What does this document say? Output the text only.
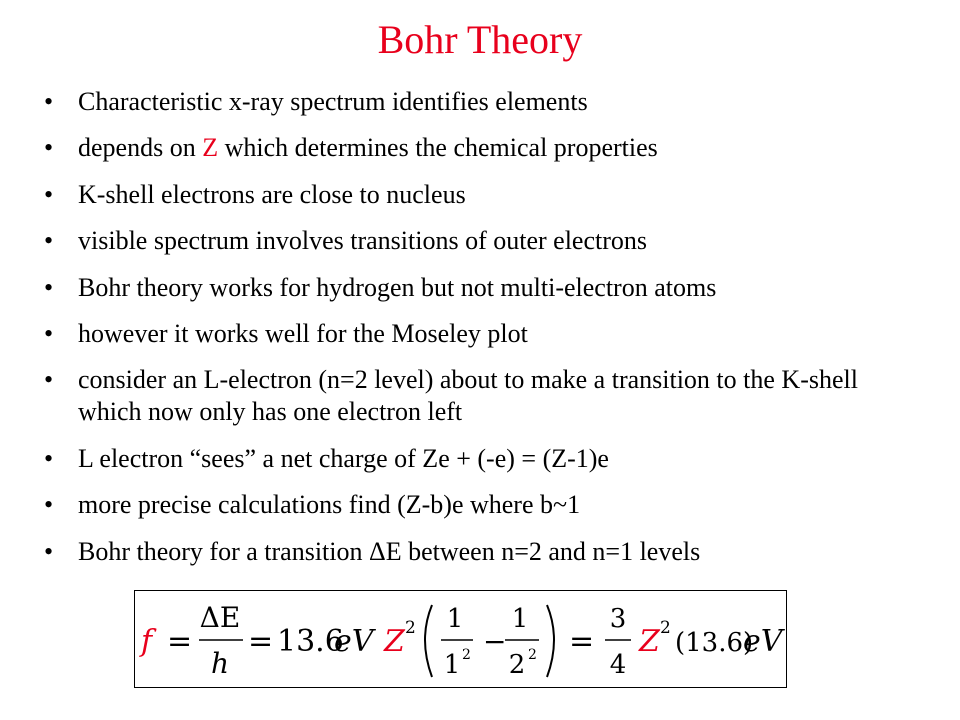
Bohr Theory
• Characteristic x-ray spectrum identifies elements
• depends on Z which determines the chemical properties
• K-shell electrons are close to nucleus
• visible spectrum involves transitions of outer electrons
• Bohr theory works for hydrogen but not multi-electron atoms
• however it works well for the Moseley plot
• consider an L-electron (n=2 level) about to make a transition to the K-shell which now only has one electron left
• L electron “sees” a net charge of Ze + (-e) = (Z-1)e
• more precise calculations find (Z-b)e where b~1
• Bohr theory for a transition ΔE between n=2 and n=1 levels
f =
ΔE
h
= 13.6
eV Z 2 1
1 2 −
1
2 2 =
3
4
Z 2 (13.6)
eV
